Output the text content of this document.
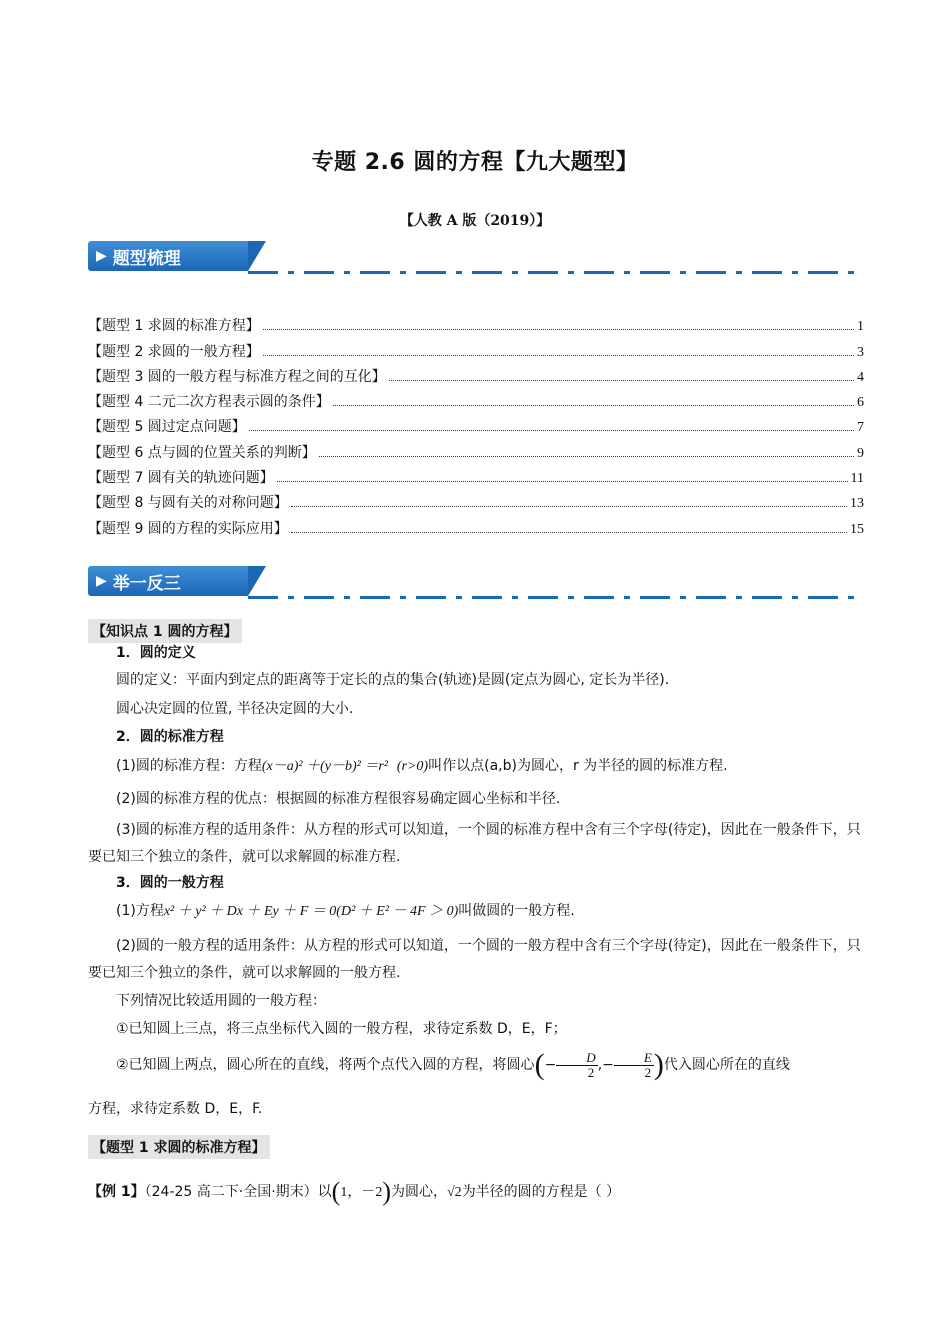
专题 2.6 圆的方程【九大题型】
【人教 A 版（2019）】
▶ 题型梳理
【题型 1 求圆的标准方程】	1
【题型 2 求圆的一般方程】	3
【题型 3 圆的一般方程与标准方程之间的互化】	4
【题型 4 二元二次方程表示圆的条件】	6
【题型 5 圆过定点问题】	7
【题型 6 点与圆的位置关系的判断】	9
【题型 7 圆有关的轨迹问题】	11
【题型 8 与圆有关的对称问题】	13
【题型 9 圆的方程的实际应用】	15
▶ 举一反三
【知识点 1 圆的方程】
1．圆的定义
圆的定义：平面内到定点的距离等于定长的点的集合(轨迹)是圆(定点为圆心, 定长为半径).
圆心决定圆的位置, 半径决定圆的大小.
2．圆的标准方程
(1)圆的标准方程：方程(x－a)² ＋(y－b)² ＝r² (r>0)叫作以点(a,b)为圆心，r 为半径的圆的标准方程.
(2)圆的标准方程的优点：根据圆的标准方程很容易确定圆心坐标和半径.
(3)圆的标准方程的适用条件：从方程的形式可以知道，一个圆的标准方程中含有三个字母(待定)，因此在一般条件下，只要已知三个独立的条件，就可以求解圆的标准方程.
3．圆的一般方程
(1)方程x² ＋ y² ＋ Dx ＋ Ey ＋ F ＝ 0(D² ＋ E² － 4F ＞ 0)叫做圆的一般方程.
(2)圆的一般方程的适用条件：从方程的形式可以知道，一个圆的一般方程中含有三个字母(待定)，因此在一般条件下，只要已知三个独立的条件，就可以求解圆的一般方程.
下列情况比较适用圆的一般方程：
①已知圆上三点，将三点坐标代入圆的一般方程，求待定系数 D，E，F；
②已知圆上两点，圆心所在的直线，将两个点代入圆的方程，将圆心(− $\frac{D}{2}$ ,− $\frac{E}{2}$ )代入圆心所在的直线
方程，求待定系数 D，E，F.
【题型 1 求圆的标准方程】
【例 1】（24-25 高二下·全国·期末）以(1，－2)为圆心，√2为半径的圆的方程是（ ）
